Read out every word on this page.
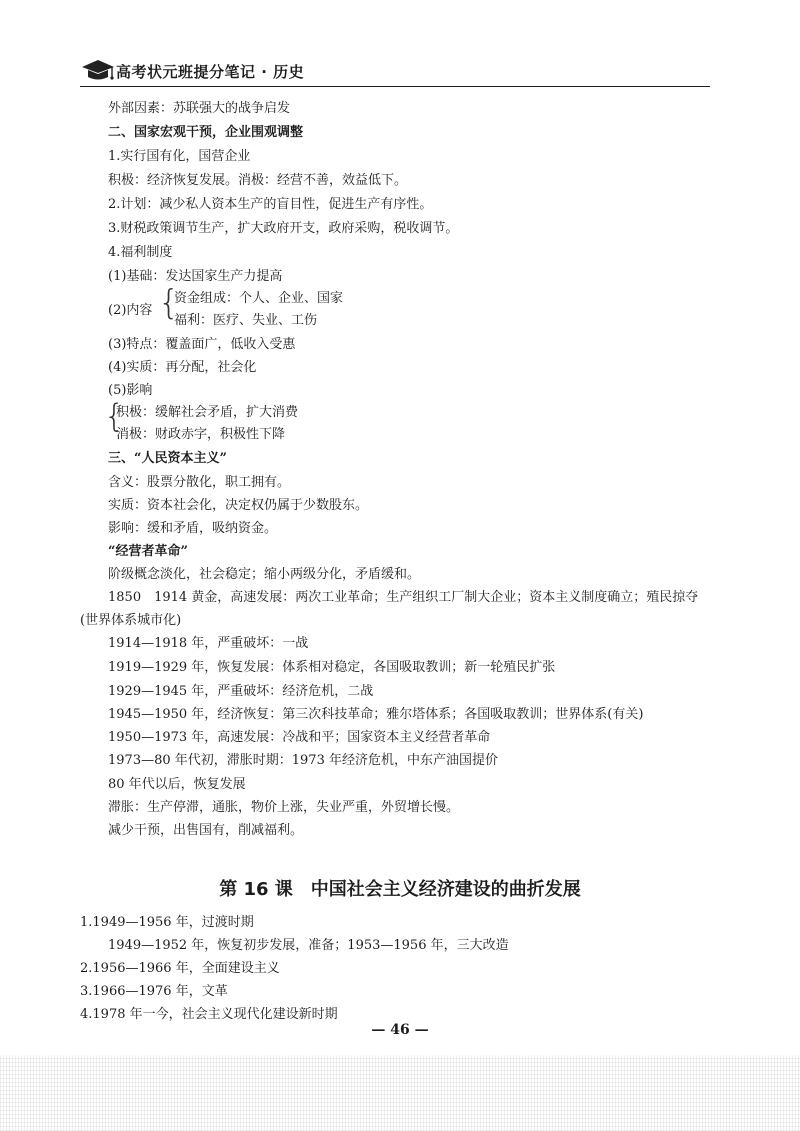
高考状元班提分笔记 · 历史
外部因素：苏联强大的战争启发
二、国家宏观干预，企业围观调整
1.实行国有化，国营企业
积极：经济恢复发展。消极：经营不善，效益低下。
2.计划：减少私人资本生产的盲目性，促进生产有序性。
3.财税政策调节生产，扩大政府开支，政府采购，税收调节。
4.福利制度
(1)基础：发达国家生产力提高
(2)内容 {
资金组成：个人、企业、国家
福利：医疗、失业、工伤
(3)特点：覆盖面广，低收入受惠
(4)实质：再分配，社会化
(5)影响
{
积极：缓解社会矛盾，扩大消费
消极：财政赤字，积极性下降
三、“人民资本主义”
含义：股票分散化，职工拥有。
实质：资本社会化，决定权仍属于少数股东。
影响：缓和矛盾，吸纳资金。
“经营者革命”
阶级概念淡化，社会稳定；缩小两级分化，矛盾缓和。
1850　1914 黄金，高速发展：两次工业革命；生产组织工厂制大企业；资本主义制度确立；殖民掠夺
(世界体系城市化)
1914—1918 年，严重破坏：一战
1919—1929 年，恢复发展：体系相对稳定，各国吸取教训；新一轮殖民扩张
1929—1945 年，严重破坏：经济危机，二战
1945—1950 年，经济恢复：第三次科技革命；雅尔塔体系；各国吸取教训；世界体系(有关)
1950—1973 年，高速发展：冷战和平；国家资本主义经营者革命
1973—80 年代初，滞胀时期：1973 年经济危机，中东产油国提价
80 年代以后，恢复发展
滞胀：生产停滞，通胀，物价上涨，失业严重，外贸增长慢。
减少干预，出售国有，削减福利。
第 16 课　中国社会主义经济建设的曲折发展
1.1949—1956 年，过渡时期
1949—1952 年，恢复初步发展，准备；1953—1956 年，三大改造
2.1956—1966 年，全面建设主义
3.1966—1976 年，文革
4.1978 年一今，社会主义现代化建设新时期
— 46 —
